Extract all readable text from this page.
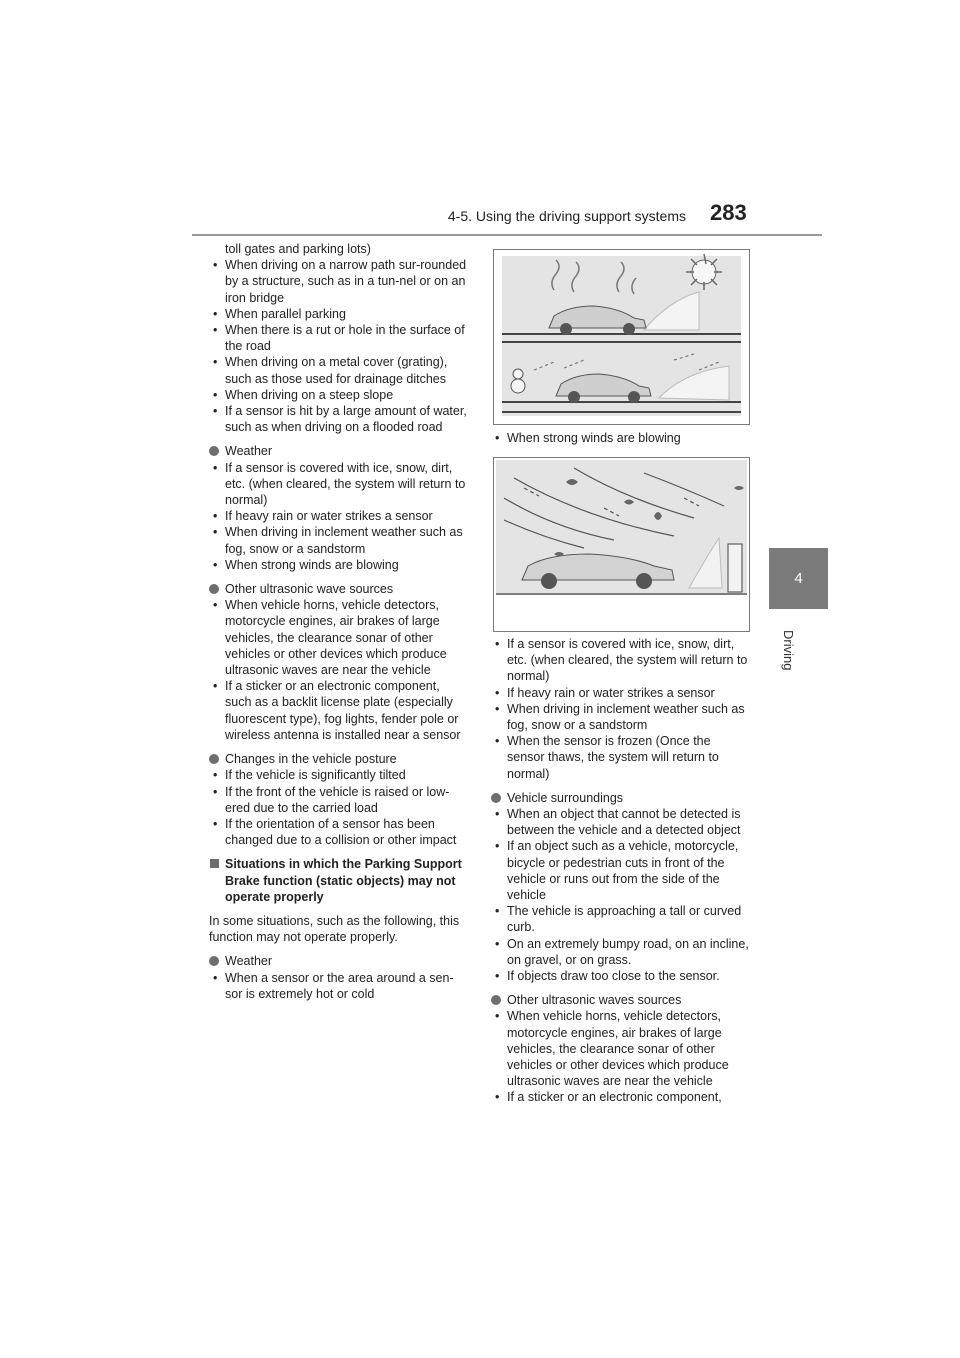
4-5. Using the driving support systems 283
4
Driving

toll gates and parking lots)

• When driving on a narrow path sur-rounded by a structure, such as in a tun-nel or on an iron bridge
• When parallel parking
• When there is a rut or hole in the surface of the road
• When driving on a metal cover (grating), such as those used for drainage ditches
• When driving on a steep slope
• If a sensor is hit by a large amount of water, such as when driving on a flooded road
Weather
• If a sensor is covered with ice, snow, dirt, etc. (when cleared, the system will return to normal)
• If heavy rain or water strikes a sensor
• When driving in inclement weather such as fog, snow or a sandstorm
• When strong winds are blowing
Other ultrasonic wave sources
• When vehicle horns, vehicle detectors, motorcycle engines, air brakes of large vehicles, the clearance sonar of other vehicles or other devices which produce ultrasonic waves are near the vehicle
• If a sticker or an electronic component, such as a backlit license plate (especially fluorescent type), fog lights, fender pole or wireless antenna is installed near a sensor
Changes in the vehicle posture
• If the vehicle is significantly tilted
• If the front of the vehicle is raised or low-ered due to the carried load
• If the orientation of a sensor has been changed due to a collision or other impact
Situations in which the Parking Support Brake function (static objects) may not operate properly

In some situations, such as the following, this function may not operate properly.

Weather
• When a sensor or the area around a sen-sor is extremely hot or cold
• When strong winds are blowing
• If a sensor is covered with ice, snow, dirt, etc. (when cleared, the system will return to normal)
• If heavy rain or water strikes a sensor
• When driving in inclement weather such as fog, snow or a sandstorm
• When the sensor is frozen (Once the sensor thaws, the system will return to normal)
Vehicle surroundings
• When an object that cannot be detected is between the vehicle and a detected object
• If an object such as a vehicle, motorcycle, bicycle or pedestrian cuts in front of the vehicle or runs out from the side of the vehicle
• The vehicle is approaching a tall or curved curb.
• On an extremely bumpy road, on an incline, on gravel, or on grass.
• If objects draw too close to the sensor.
Other ultrasonic waves sources
• When vehicle horns, vehicle detectors, motorcycle engines, air brakes of large vehicles, the clearance sonar of other vehicles or other devices which produce ultrasonic waves are near the vehicle
• If a sticker or an electronic component,
